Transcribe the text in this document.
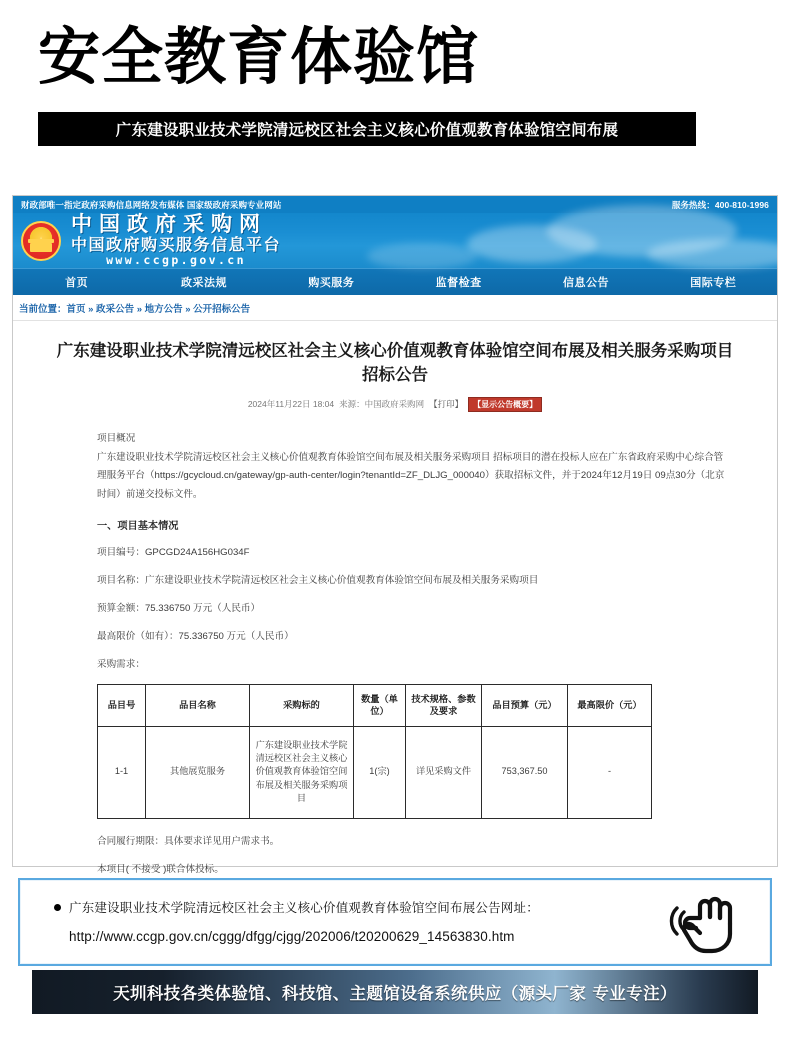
安全教育体验馆
广东建设职业技术学院清远校区社会主义核心价值观教育体验馆空间布展
财政部唯一指定政府采购信息网络发布媒体 国家级政府采购专业网站	服务热线：400-810-1996
中国政府采购网
中国政府购买服务信息平台
www.ccgp.gov.cn
首页	政采法规	购买服务	监督检查	信息公告	国际专栏
当前位置：首页 » 政采公告 » 地方公告 » 公开招标公告
广东建设职业技术学院清远校区社会主义核心价值观教育体验馆空间布展及相关服务采购项目招标公告
2024年11月22日 18:04 来源：中国政府采购网 【打印】	【显示公告概要】
项目概况
广东建设职业技术学院清远校区社会主义核心价值观教育体验馆空间布展及相关服务采购项目 招标项目的潜在投标人应在广东省政府采购中心综合管理服务平台（https://gcycloud.cn/gateway/gp-auth-center/login?tenantId=ZF_DLJG_000040）获取招标文件，并于2024年12月19日 09点30分（北京时间）前递交投标文件。
一、项目基本情况
项目编号：GPCGD24A156HG034F
项目名称：广东建设职业技术学院清远校区社会主义核心价值观教育体验馆空间布展及相关服务采购项目
预算金额：75.336750 万元（人民币）
最高限价（如有）：75.336750 万元（人民币）
采购需求：
品目号	品目名称	采购标的	数量（单位）	技术规格、参数及要求	品目预算（元）	最高限价（元）
1-1	其他展览服务	广东建设职业技术学院清远校区社会主义核心价值观教育体验馆空间布展及相关服务采购项目	1(宗)	详见采购文件	753,367.50	-
合同履行期限：具体要求详见用户需求书。
本项目( 不接受 )联合体投标。
广东建设职业技术学院清远校区社会主义核心价值观教育体验馆空间布展公告网址：
http://www.ccgp.gov.cn/cggg/dfgg/cjgg/202006/t20200629_14563830.htm
天圳科技各类体验馆、科技馆、主题馆设备系统供应（源头厂家 专业专注）
